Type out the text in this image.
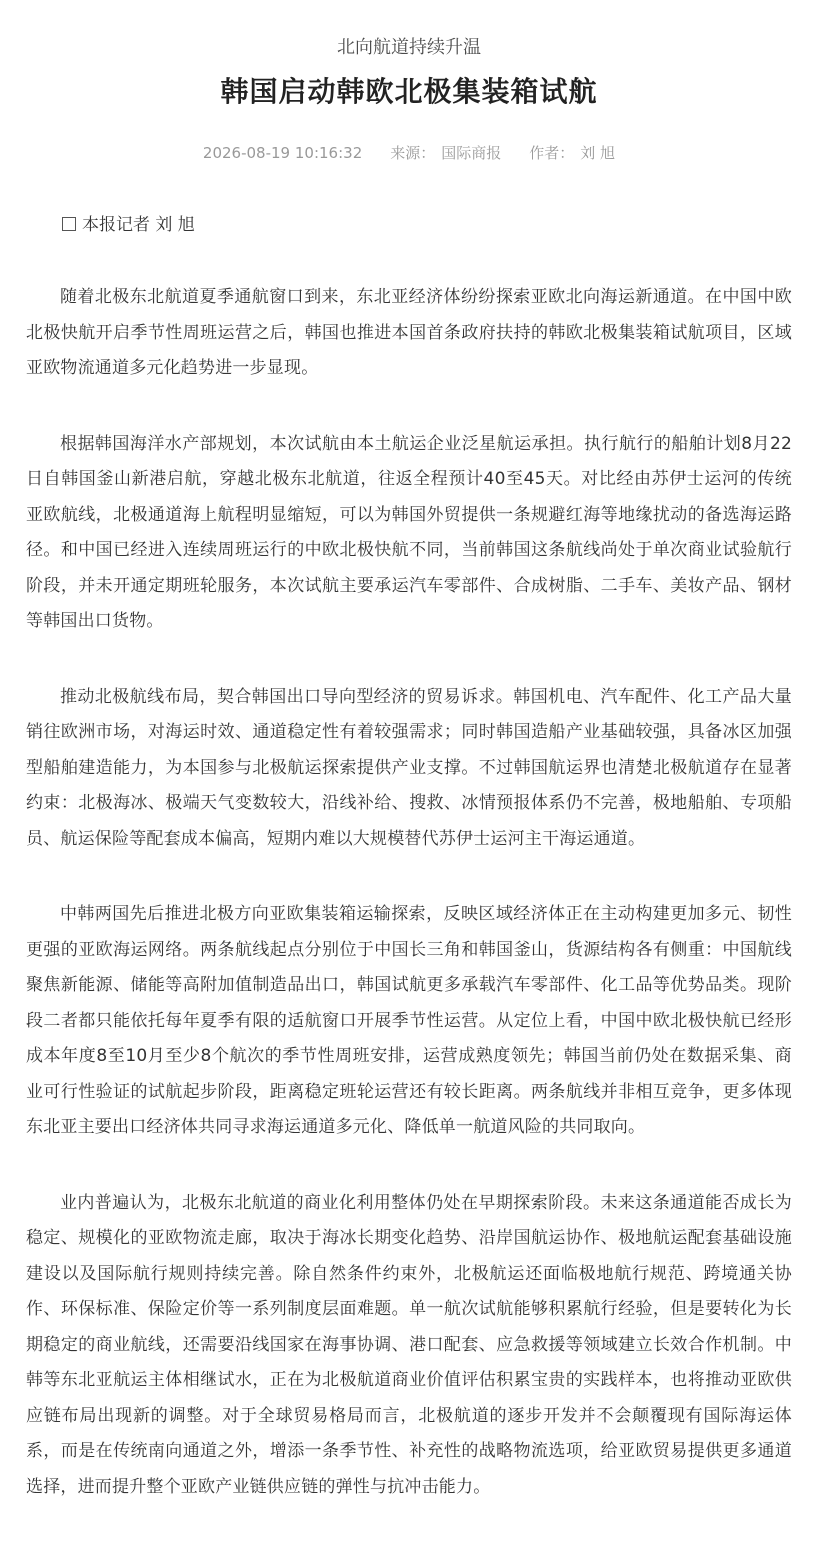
北向航道持续升温
韩国启动韩欧北极集装箱试航
2026-08-19 10:16:32 来源： 国际商报 作者： 刘 旭
本报记者 刘 旭

随着北极东北航道夏季通航窗口到来，东北亚经济体纷纷探索亚欧北向海运新通道。在中国中欧北极快航开启季节性周班运营之后，韩国也推进本国首条政府扶持的韩欧北极集装箱试航项目，区域亚欧物流通道多元化趋势进一步显现。

根据韩国海洋水产部规划，本次试航由本土航运企业泛星航运承担。执行航行的船舶计划8月22日自韩国釜山新港启航，穿越北极东北航道，往返全程预计40至45天。对比经由苏伊士运河的传统亚欧航线，北极通道海上航程明显缩短，可以为韩国外贸提供一条规避红海等地缘扰动的备选海运路径。和中国已经进入连续周班运行的中欧北极快航不同，当前韩国这条航线尚处于单次商业试验航行阶段，并未开通定期班轮服务，本次试航主要承运汽车零部件、合成树脂、二手车、美妆产品、钢材等韩国出口货物。

推动北极航线布局，契合韩国出口导向型经济的贸易诉求。韩国机电、汽车配件、化工产品大量销往欧洲市场，对海运时效、通道稳定性有着较强需求；同时韩国造船产业基础较强，具备冰区加强型船舶建造能力，为本国参与北极航运探索提供产业支撑。不过韩国航运界也清楚北极航道存在显著约束：北极海冰、极端天气变数较大，沿线补给、搜救、冰情预报体系仍不完善，极地船舶、专项船员、航运保险等配套成本偏高，短期内难以大规模替代苏伊士运河主干海运通道。

中韩两国先后推进北极方向亚欧集装箱运输探索，反映区域经济体正在主动构建更加多元、韧性更强的亚欧海运网络。两条航线起点分别位于中国长三角和韩国釜山，货源结构各有侧重：中国航线聚焦新能源、储能等高附加值制造品出口，韩国试航更多承载汽车零部件、化工品等优势品类。现阶段二者都只能依托每年夏季有限的适航窗口开展季节性运营。从定位上看，中国中欧北极快航已经形成本年度8至10月至少8个航次的季节性周班安排，运营成熟度领先；韩国当前仍处在数据采集、商业可行性验证的试航起步阶段，距离稳定班轮运营还有较长距离。两条航线并非相互竞争，更多体现东北亚主要出口经济体共同寻求海运通道多元化、降低单一航道风险的共同取向。

业内普遍认为，北极东北航道的商业化利用整体仍处在早期探索阶段。未来这条通道能否成长为稳定、规模化的亚欧物流走廊，取决于海冰长期变化趋势、沿岸国航运协作、极地航运配套基础设施建设以及国际航行规则持续完善。除自然条件约束外，北极航运还面临极地航行规范、跨境通关协作、环保标准、保险定价等一系列制度层面难题。单一航次试航能够积累航行经验，但是要转化为长期稳定的商业航线，还需要沿线国家在海事协调、港口配套、应急救援等领域建立长效合作机制。中韩等东北亚航运主体相继试水，正在为北极航道商业价值评估积累宝贵的实践样本，也将推动亚欧供应链布局出现新的调整。对于全球贸易格局而言，北极航道的逐步开发并不会颠覆现有国际海运体系，而是在传统南向通道之外，增添一条季节性、补充性的战略物流选项，给亚欧贸易提供更多通道选择，进而提升整个亚欧产业链供应链的弹性与抗冲击能力。
